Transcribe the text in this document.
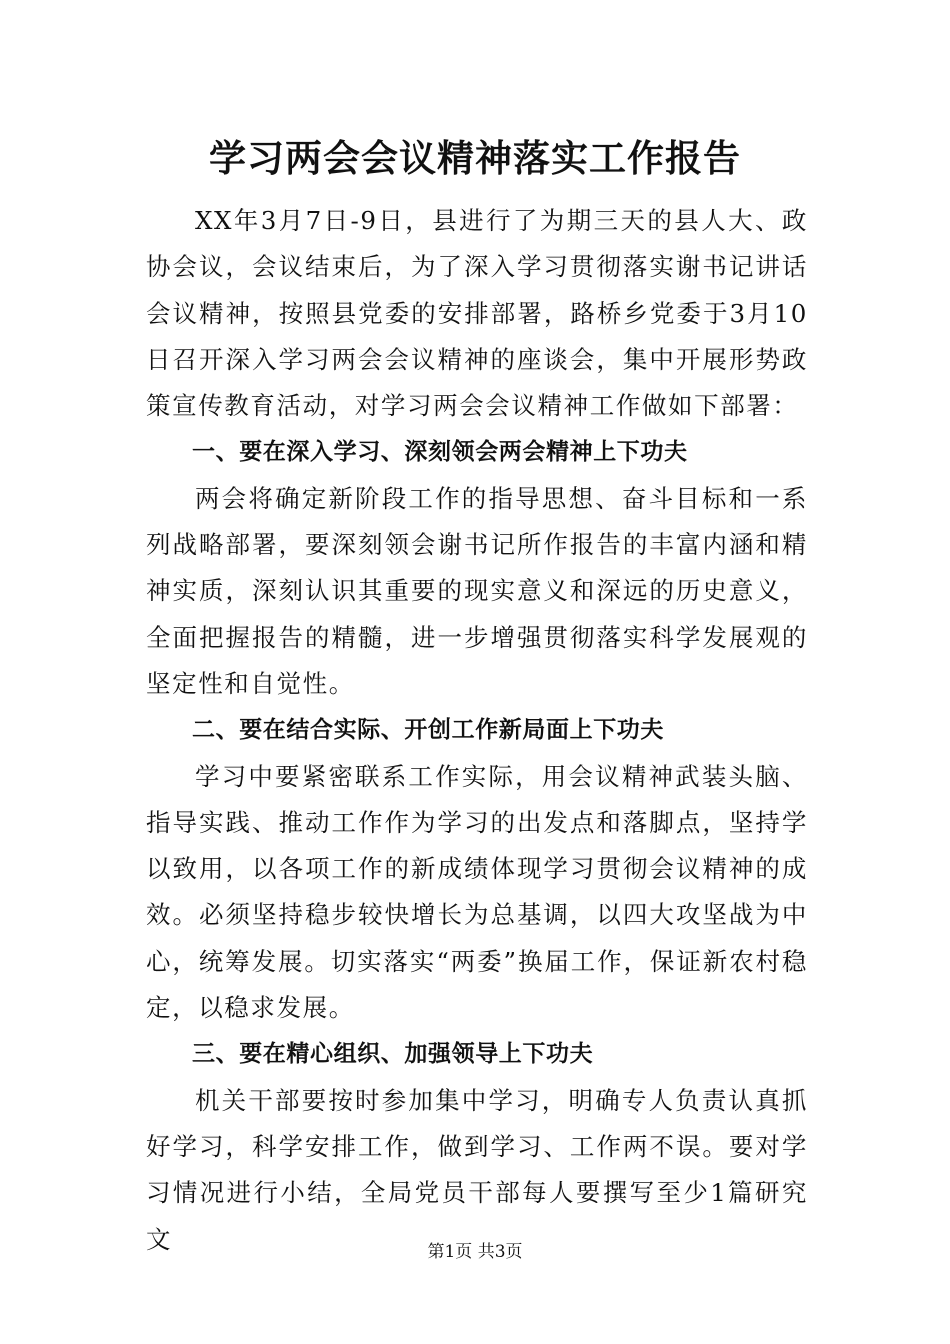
学习两会会议精神落实工作报告

XX年3月7日-9日，县进行了为期三天的县人大、政协会议，会议结束后，为了深入学习贯彻落实谢书记讲话会议精神，按照县党委的安排部署，路桥乡党委于3月10日召开深入学习两会会议精神的座谈会，集中开展形势政策宣传教育活动，对学习两会会议精神工作做如下部署：

一、要在深入学习、深刻领会两会精神上下功夫

两会将确定新阶段工作的指导思想、奋斗目标和一系列战略部署，要深刻领会谢书记所作报告的丰富内涵和精神实质，深刻认识其重要的现实意义和深远的历史意义，全面把握报告的精髓，进一步增强贯彻落实科学发展观的坚定性和自觉性。

二、要在结合实际、开创工作新局面上下功夫

学习中要紧密联系工作实际，用会议精神武装头脑、指导实践、推动工作作为学习的出发点和落脚点，坚持学以致用，以各项工作的新成绩体现学习贯彻会议精神的成效。必须坚持稳步较快增长为总基调，以四大攻坚战为中心，统筹发展。切实落实“两委”换届工作，保证新农村稳定，以稳求发展。

三、要在精心组织、加强领导上下功夫

机关干部要按时参加集中学习，明确专人负责认真抓好学习，科学安排工作，做到学习、工作两不误。要对学习情况进行小结，全局党员干部每人要撰写至少1篇研究文	第1页 共3页
